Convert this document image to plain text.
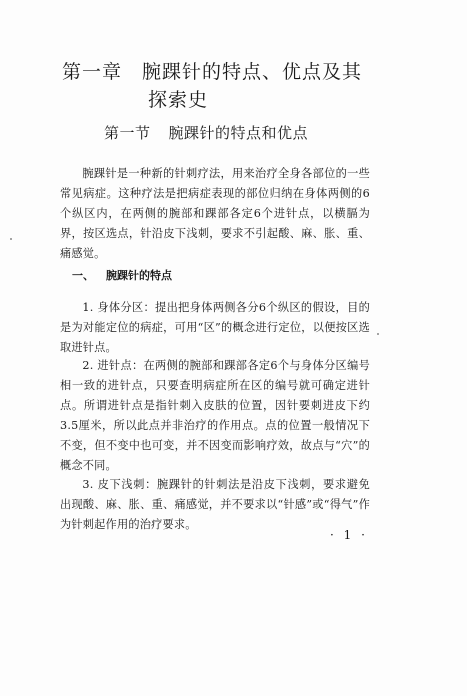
第一章 腕踝针的特点、优点及其
探索史
第一节 腕踝针的特点和优点

腕踝针是一种新的针刺疗法，用来治疗全身各部位的一些常见病症。这种疗法是把病症表现的部位归纳在身体两侧的6个纵区内，在两侧的腕部和踝部各定6个进针点，以横膈为界，按区选点，针沿皮下浅刺，要求不引起酸、麻、胀、重、痛感觉。

一、 腕踝针的特点

1. 身体分区：提出把身体两侧各分6个纵区的假设，目的是为对能定位的病症，可用“区”的概念进行定位，以便按区选取进针点。

2. 进针点：在两侧的腕部和踝部各定6个与身体分区编号相一致的进针点，只要查明病症所在区的编号就可确定进针点。所谓进针点是指针刺入皮肤的位置，因针要刺进皮下约3.5厘米，所以此点并非治疗的作用点。点的位置一般情况下不变，但不变中也可变，并不因变而影响疗效，故点与“穴”的概念不同。

3. 皮下浅刺：腕踝针的针刺法是沿皮下浅刺，要求避免出现酸、麻、胀、重、痛感觉，并不要求以“针感”或“得气”作为针刺起作用的治疗要求。

· 1 ·
